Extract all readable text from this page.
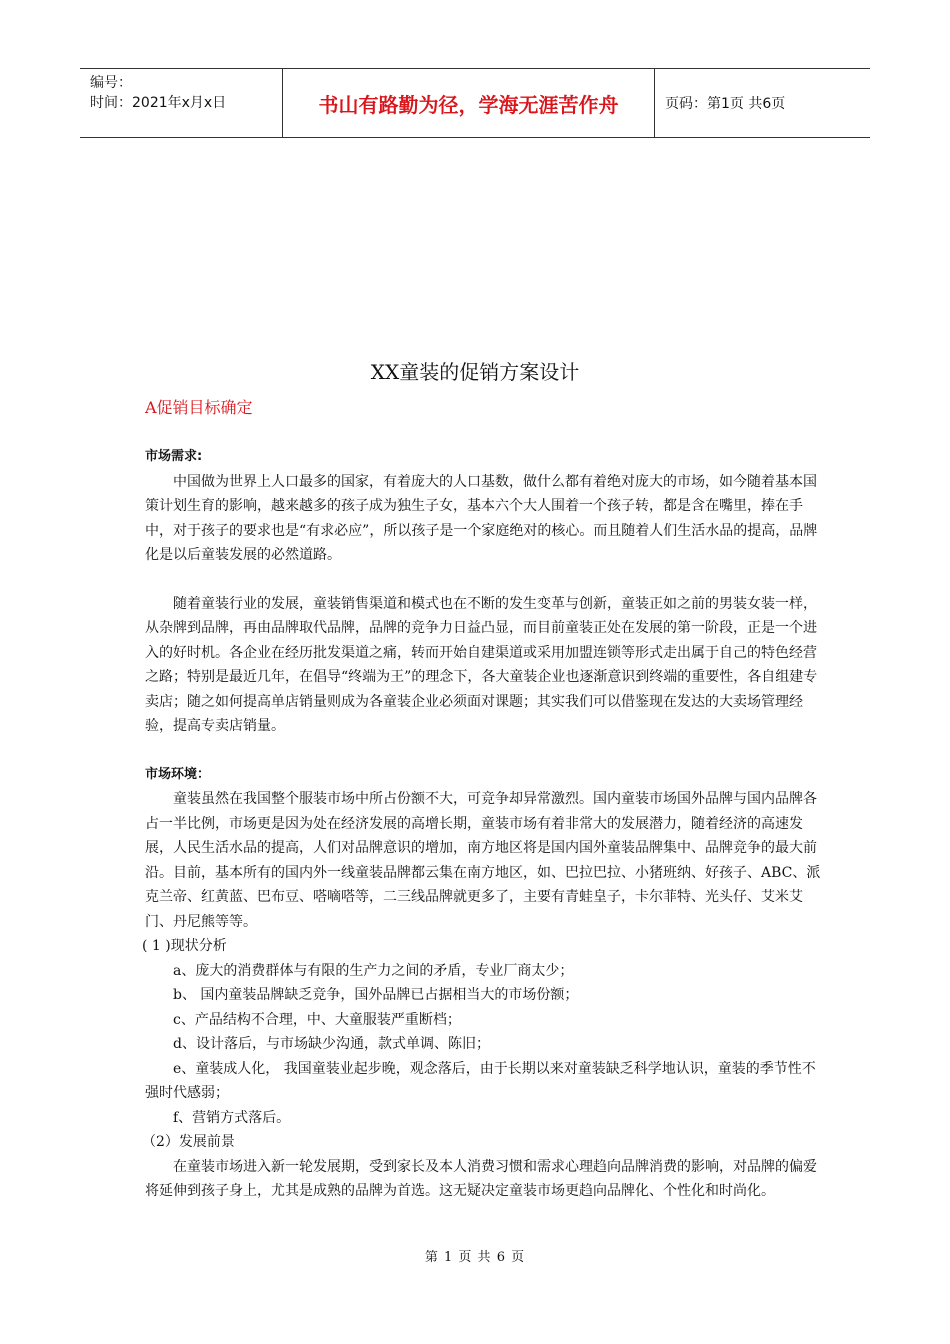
编号：
时间：2021年x月x日	书山有路勤为径，学海无涯苦作舟	页码：第1页 共6页
XX童装的促销方案设计
A促销目标确定

市场需求:

中国做为世界上人口最多的国家，有着庞大的人口基数，做什么都有着绝对庞大的市场，如今随着基本国策计划生育的影响，越来越多的孩子成为独生子女，基本六个大人围着一个孩子转，都是含在嘴里，捧在手中，对于孩子的要求也是“有求必应”，所以孩子是一个家庭绝对的核心。而且随着人们生活水品的提高，品牌化是以后童装发展的必然道路。

随着童装行业的发展，童装销售渠道和模式也在不断的发生变革与创新，童装正如之前的男装女装一样，从杂牌到品牌，再由品牌取代品牌，品牌的竞争力日益凸显，而目前童装正处在发展的第一阶段，正是一个进入的好时机。各企业在经历批发渠道之痛，转而开始自建渠道或采用加盟连锁等形式走出属于自己的特色经营之路；特别是最近几年，在倡导“终端为王”的理念下，各大童装企业也逐渐意识到终端的重要性，各自组建专卖店；随之如何提高单店销量则成为各童装企业必须面对课题；其实我们可以借鉴现在发达的大卖场管理经验，提高专卖店销量。

市场环境：

童装虽然在我国整个服装市场中所占份额不大，可竞争却异常激烈。国内童装市场国外品牌与国内品牌各占一半比例，市场更是因为处在经济发展的高增长期，童装市场有着非常大的发展潜力，随着经济的高速发展，人民生活水品的提高，人们对品牌意识的增加，南方地区将是国内国外童装品牌集中、品牌竞争的最大前沿。目前，基本所有的国内外一线童装品牌都云集在南方地区，如、巴拉巴拉、小猪班纳、好孩子、ABC、派克兰帝、红黄蓝、巴布豆、嗒嘀嗒等，二三线品牌就更多了，主要有青蛙皇子，卡尔菲特、光头仔、艾米艾门、丹尼熊等等。

( 1 )现状分析

a、庞大的消费群体与有限的生产力之间的矛盾，专业厂商太少；

b、 国内童装品牌缺乏竞争，国外品牌已占据相当大的市场份额；

c、产品结构不合理，中、大童服装严重断档；

d、设计落后，与市场缺少沟通，款式单调、陈旧；

e、童装成人化， 我国童装业起步晚，观念落后，由于长期以来对童装缺乏科学地认识，童装的季节性不强时代感弱；

f、营销方式落后。

（2）发展前景

在童装市场进入新一轮发展期，受到家长及本人消费习惯和需求心理趋向品牌消费的影响，对品牌的偏爱将延伸到孩子身上，尤其是成熟的品牌为首选。这无疑决定童装市场更趋向品牌化、个性化和时尚化。

第 1 页 共 6 页
